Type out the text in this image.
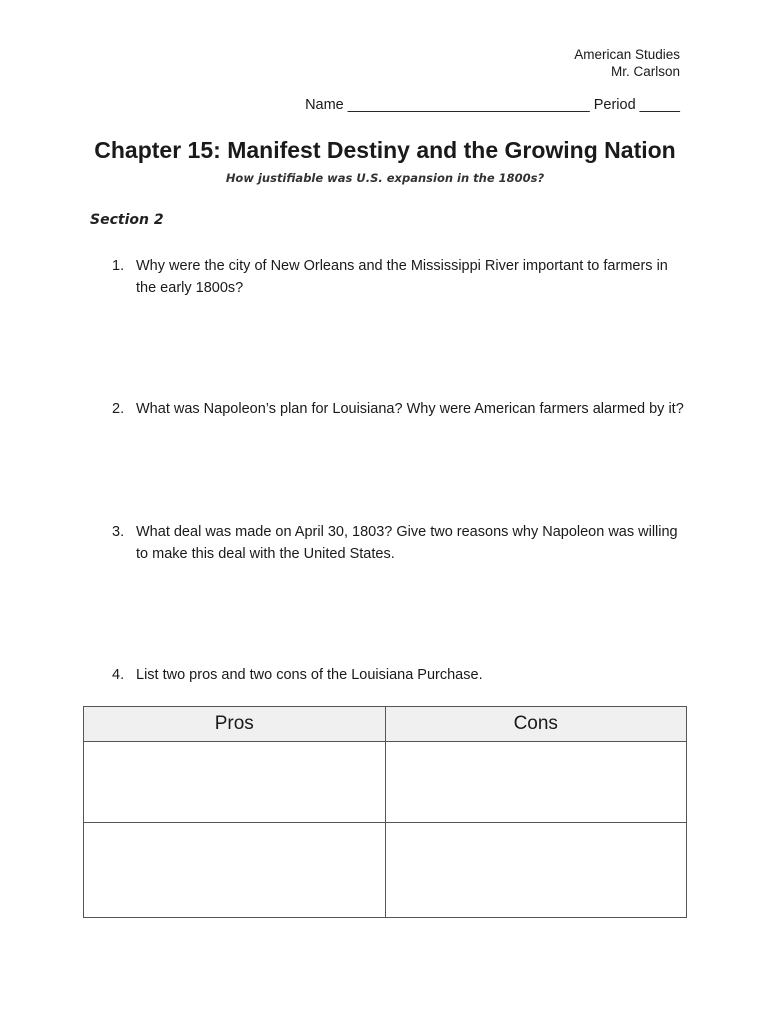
American Studies
Mr. Carlson
Name ______________________________ Period _____
Chapter 15: Manifest Destiny and the Growing Nation
How justifiable was U.S. expansion in the 1800s?
Section 2
1. Why were the city of New Orleans and the Mississippi River important to farmers in the early 1800s?
2. What was Napoleon’s plan for Louisiana? Why were American farmers alarmed by it?
3. What deal was made on April 30, 1803? Give two reasons why Napoleon was willing to make this deal with the United States.
4. List two pros and two cons of the Louisiana Purchase.
Pros	Cons
